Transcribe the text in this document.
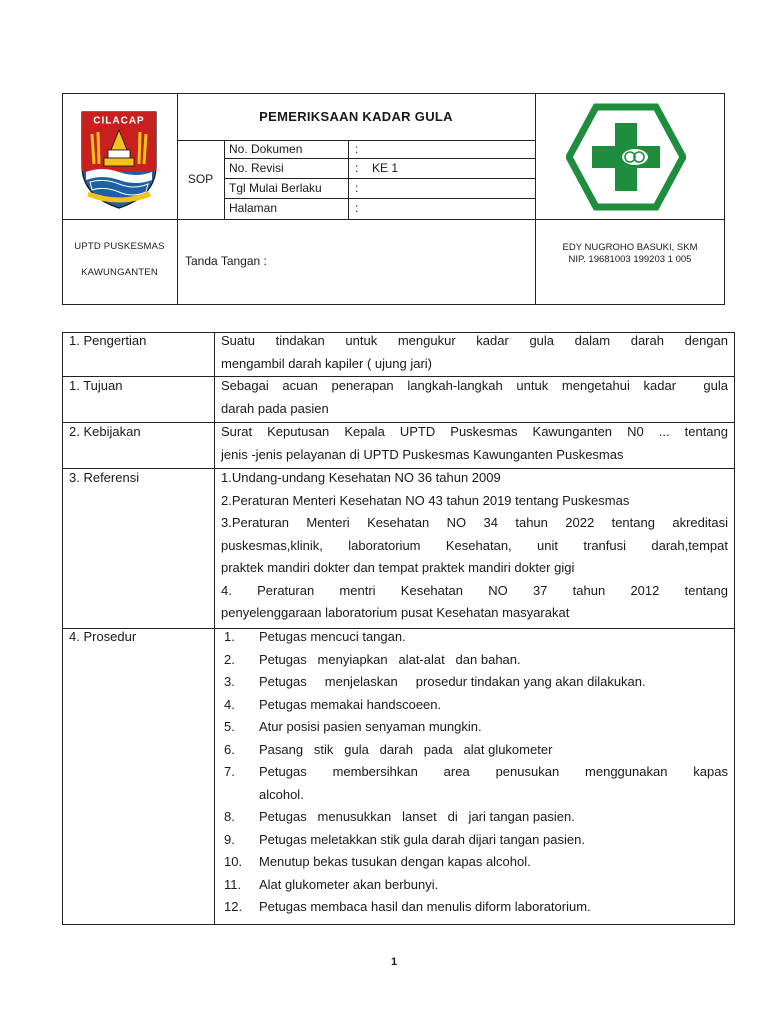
CILACAP	PEMERIKSAAN KADAR GULA
SOP
No. Dokumen	:
No. Revisi	: KE 1
Tgl Mulai Berlaku	:
Halaman	:
UPTD PUSKESMAS
KAWUNGANTEN
Tanda Tangan :
EDY NUGROHO BASUKI, SKM
NIP. 19681003 199203 1 005
1. Pengertian	Suatu tindakan untuk mengukur kadar gula dalam darah dengan
mengambil darah kapiler ( ujung jari)
1. Tujuan	Sebagai acuan penerapan langkah-langkah untuk mengetahui kadar  gula
darah pada pasien
2. Kebijakan	Surat Keputusan Kepala UPTD Puskesmas Kawunganten N0 ... tentang
jenis -jenis pelayanan di UPTD Puskesmas Kawunganten Puskesmas
3. Referensi	1.Undang-undang Kesehatan NO 36 tahun 2009
2.Peraturan Menteri Kesehatan NO 43 tahun 2019 tentang Puskesmas
3.Peraturan Menteri Kesehatan NO 34 tahun 2022 tentang akreditasi
puskesmas,klinik, laboratorium Kesehatan, unit tranfusi darah,tempat
praktek mandiri dokter dan tempat praktek mandiri dokter gigi
4. Peraturan mentri Kesehatan NO 37 tahun 2012 tentang
penyelenggaraan laboratorium pusat Kesehatan masyarakat
4. Prosedur	1. Petugas mencuci tangan.
2. Petugas   menyiapkan   alat-alat   dan bahan.
3. Petugas     menjelaskan     prosedur tindakan yang akan dilakukan.
4. Petugas memakai handscoeen.
5. Atur posisi pasien senyaman mungkin.
6. Pasang   stik   gula   darah   pada   alat glukometer
7. Petugas membersihkan area penusukan menggunakan kapas
alcohol.
8. Petugas   menusukkan   lanset   di   jari tangan pasien.
9. Petugas meletakkan stik gula darah dijari tangan pasien.
10. Menutup bekas tusukan dengan kapas alcohol.
11. Alat glukometer akan berbunyi.
12. Petugas membaca hasil dan menulis diform laboratorium.
1
